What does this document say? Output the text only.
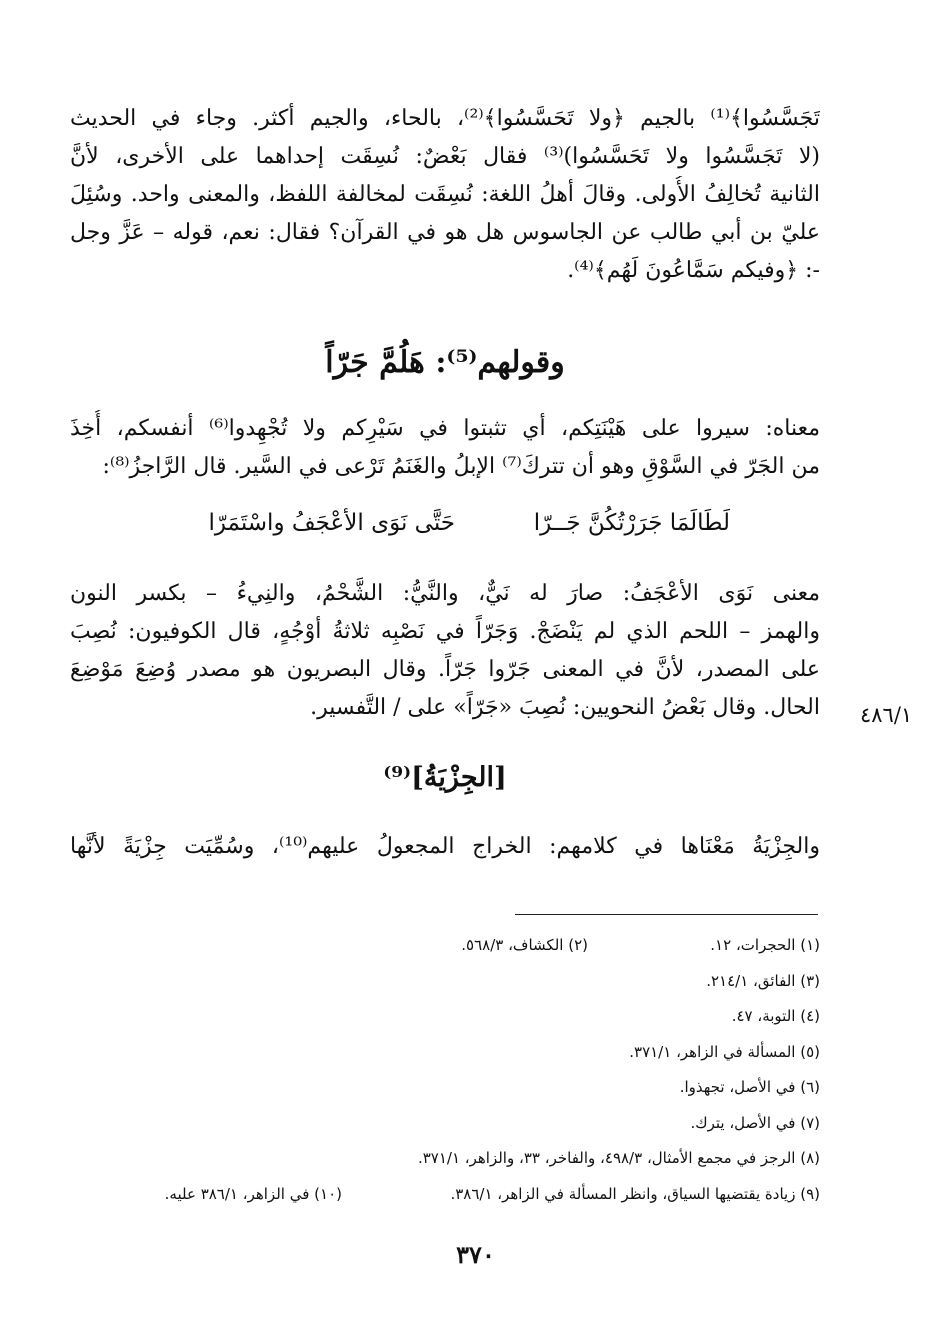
تَجَسَّسُوا﴾⁽¹⁾ بالجيم ﴿ولا تَحَسَّسُوا﴾⁽²⁾، بالحاء، والجيم أكثر. وجاء في الحديث
(لا تَجَسَّسُوا ولا تَحَسَّسُوا)⁽³⁾ فقال بَعْضٌ: نُسِقَت إحداهما على الأخرى، لأنَّ
الثانية تُخالِفُ الأُولى. وقالَ أهلُ اللغة: نُسِقَت لمخالفة اللفظ، والمعنى واحد. وسُئِلَ
عليّ بن أبي طالب عن الجاسوس هل هو في القرآن؟ فقال: نعم، قوله – عَزَّ وجل
-: ﴿وفيكم سَمَّاعُونَ لَهُم﴾⁽⁴⁾.
وقولهم⁽⁵⁾: هَلُمَّ جَرّاً
معناه: سيروا على هَيْنَتِكم، أي تثبتوا في سَيْرِكم ولا تُجْهِدوا⁽⁶⁾ أنفسكم، أُخِذَ
من الجَرّ في السَّوْقِ وهو أن تتركَ⁽⁷⁾ الإبلُ والغَنَمُ تَرْعى في السَّير. قال الرَّاجزُ⁽⁸⁾:
لَطَالَمَا جَرَرْتُكُنَّ جَــرّا
حَتَّى نَوَى الأعْجَفُ واسْتَمَرّا
معنى نَوَى الأعْجَفُ: صارَ له نَيٌّ، والنَّيُّ: الشَّحْمُ، والنِيءُ – بكسر النون
والهمز – اللحم الذي لم يَنْضَجْ. وَجَرّاً في نَصْبِه ثلاثةُ أوْجُهٍ، قال الكوفيون: نُصِبَ
على المصدر، لأنَّ في المعنى جَرّوا جَرّاً. وقال البصريون هو مصدر وُضِعَ مَوْضِعَ
الحال. وقال بَعْضُ النحويين: نُصِبَ «جَرّاً» على / التَّفسير. ٤٨٦/١
[الجِزْيَةُ]⁽⁹⁾
والجِزْيَةُ مَعْنَاها في كلامهم: الخراج المجعولُ عليهم⁽¹⁰⁾، وسُمِّيَت جِزْيَةً لأنَّها
(١) الحجرات، ١٢.
(٢) الكشاف، ٥٦٨/٣.
(٣) الفائق، ٢١٤/١.
(٤) التوبة، ٤٧.
(٥) المسألة في الزاهر، ٣٧١/١.
(٦) في الأصل، تجهذوا.
(٧) في الأصل، يترك.
(٨) الرجز في مجمع الأمثال، ٤٩٨/٣، والفاخر، ٣٣، والزاهر، ٣٧١/١.
(٩) زيادة يقتضيها السياق، وانظر المسألة في الزاهر، ٣٨٦/١.
(١٠) في الزاهر، ٣٨٦/١ عليه.
٣٧٠
